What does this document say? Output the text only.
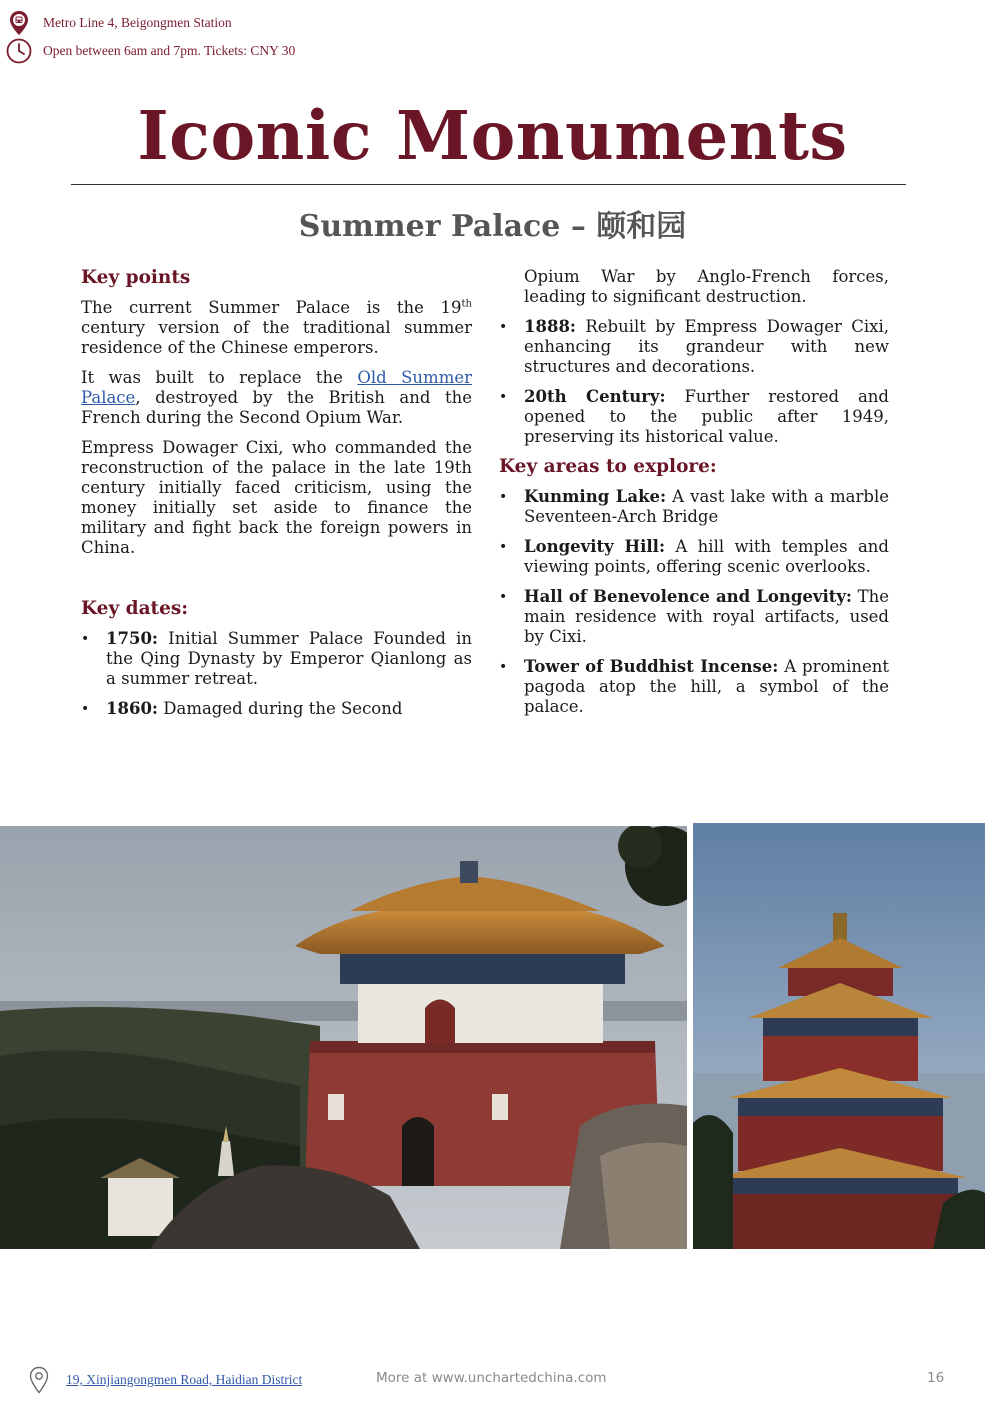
Metro Line 4, Beigongmen Station
Open between 6am and 7pm. Tickets: CNY 30
Iconic Monuments
Summer Palace – 颐和园
Key points

The current Summer Palace is the 19th century version of the traditional summer residence of the Chinese emperors.

It was built to replace the Old Summer Palace, destroyed by the British and the French during the Second Opium War.

Empress Dowager Cixi, who commanded the reconstruction of the palace in the late 19th century initially faced criticism, using the money initially set aside to finance the military and fight back the foreign powers in China.

Key dates:
• 1750: Initial Summer Palace Founded in the Qing Dynasty by Emperor Qianlong as a summer retreat.
• 1860: Damaged during the Second
Opium War by Anglo-French forces, leading to significant destruction.
• 1888: Rebuilt by Empress Dowager Cixi, enhancing its grandeur with new structures and decorations.
• 20th Century: Further restored and opened to the public after 1949, preserving its historical value.
Key areas to explore:
• Kunming Lake: A vast lake with a marble Seventeen-Arch Bridge
• Longevity Hill: A hill with temples and viewing points, offering scenic overlooks.
• Hall of Benevolence and Longevity: The main residence with royal artifacts, used by Cixi.
• Tower of Buddhist Incense: A prominent pagoda atop the hill, a symbol of the palace.
19, Xinjiangongmen Road, Haidian District	More at www.unchartedchina.com	16
